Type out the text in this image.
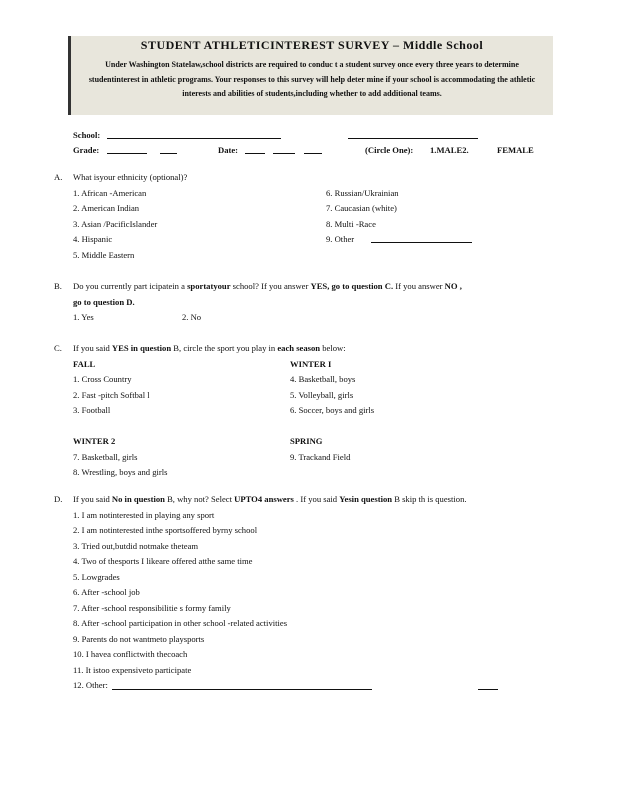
STUDENT ATHLETICINTEREST SURVEY – Middle School
Under Washington Statelaw,school districts are required to conduc t a student survey once every three years to determine studentinterest in athletic programs. Your responses to this survey will help deter mine if your school is accommodating the athletic interests and abilities of students,including whether to add additional teams.
School:
Grade:	Date:	(Circle One): 1.MALE2.	FEMALE
A. What isyour ethnicity (optional)?
1. African -American
2. American Indian
3. Asian /PacificIslander
4. Hispanic
5. Middle Eastern
6. Russian/Ukrainian
7. Caucasian (white)
8. Multi -Race
9. Other
B. Do you currently part icipatein a sportatyour school? If you answer YES, go to question C. If you answer NO ,
go to question D.
1. Yes	2. No
C. If you said YES in question B, circle the sport you play in each season below:
FALL
1. Cross Country
2. Fast -pitch Softbal l
3. Football
WINTER I
4. Basketball, boys
5. Volleyball, girls
6. Soccer, boys and girls
WINTER 2
7. Basketball, girls
8. Wrestling, boys and girls
SPRING
9. Trackand Field
D. If you said No in question B, why not? Select UPTO4 answers . If you said Yesin question B skip th is question.
1. I am notinterested in playing any sport
2. I am notinterested inthe sportsoffered byrny school
3. Tried out,butdid notmake theteam
4. Two of thesports I likeare offered atthe same time
5. Lowgrades
6. After -school job
7. After -school responsibilitie s formy family
8. After -school participation in other school -related activities
9. Parents do not wantmeto playsports
10. I havea conflictwith thecoach
11. It istoo expensiveto participate
12. Other:
